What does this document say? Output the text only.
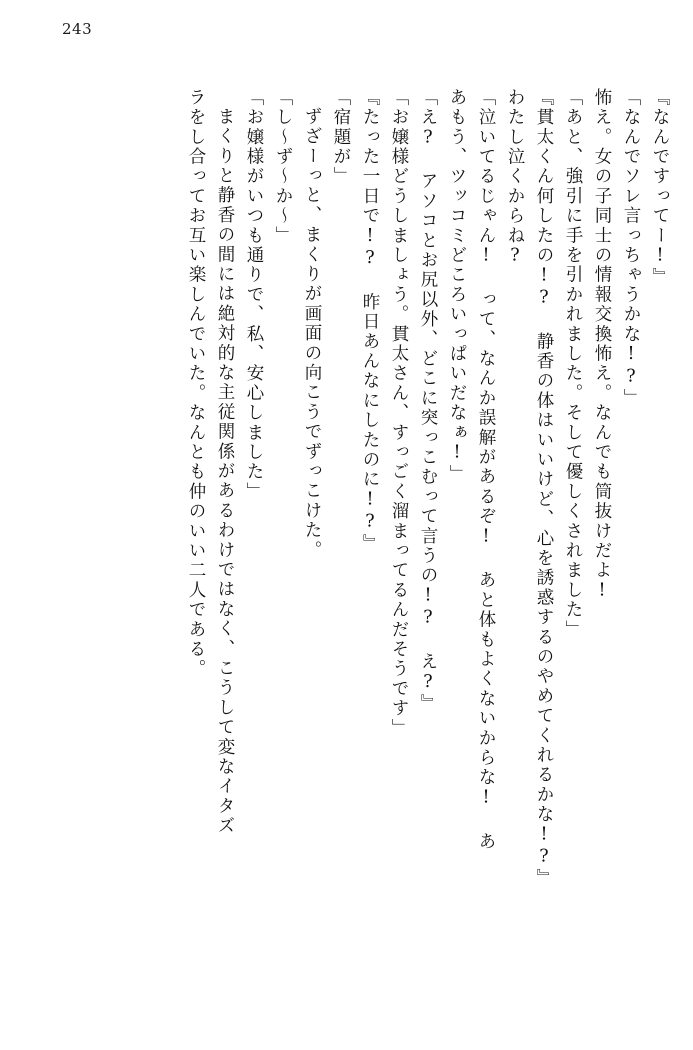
243
『なんですってー!』
「なんでソレ言っちゃうかな!?」
怖え。女の子同士の情報交換怖え。なんでも筒抜けだよ!
「あと、強引に手を引かれました。そして優しくされました」
『貫太くん何したの!? 静香の体はいいけど、心を誘惑するのやめてくれるかな!?』
わたし泣くからね?
「泣いてるじゃん! って、なんか誤解があるぞ! あと体もよくないからな! あ
あもう、ツッコミどころいっぱいだなぁ!」
「え? アソコとお尻以外、どこに突っこむって言うの!? え?』
「お嬢様どうしましょう。貫太さん、すっごく溜まってるんだそうです」
『たった一日で!? 昨日あんなにしたのに!?』
「宿題が」
ずざーっと、まくりが画面の向こうでずっこけた。
「し～ず～か～」
「お嬢様がいつも通りで、私、安心しました」
まくりと静香の間には絶対的な主従関係があるわけではなく、こうして変なイタズ
ラをし合ってお互い楽しんでいた。なんとも仲のいい二人である。
